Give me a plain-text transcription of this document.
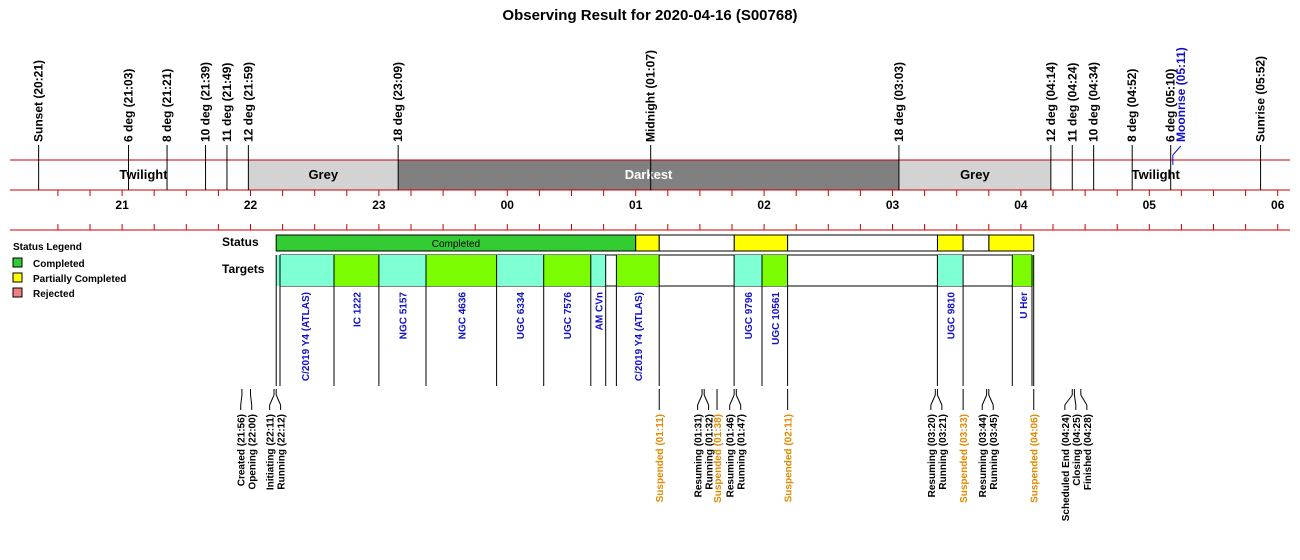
Observing Result for 2020-04-16 (S00768)
Twilight	Grey	Darkest	Grey	Twilight
Sunset (20:21)	6 deg (21:03) 8 deg (21:21) 10 deg (21:39) 11 deg (21:49) 12 deg (21:59)	18 deg (23:09)	Midnight (01:07)	18 deg (03:03)	12 deg (04:14) 11 deg (04:24) 10 deg (04:34) 8 deg (04:52) 6 deg (05:10)
Moonrise (05:11)	Sunrise (05:52)
21	22	23	00	01	02	03	04	05	06
Status Legend
Completed
Partially Completed
Rejected
Status
Targets
Completed
C/2019 Y4 (ATLAS)	IC 1222	NGC 5157	NGC 4636	UGC 6334	UGC 7576 AM CVn	C/2019 Y4 (ATLAS)	UGC 9796 UGC 10561	UGC 9810	U Her
Created (21:56) Opening (22:00) Initiating (22:11) Running (22:12)	Suspended (01:11)	Resuming (01:31) Running (01:32)
Suspended (01:38) Resuming (01:46) Running (01:47)	Suspended (02:11)	Resuming (03:20) Running (03:21) Suspended (03:33) Resuming (03:44) Running (03:45)	Suspended (04:06) Scheduled End (04:24) Closing (04:25) Finished (04:28)
